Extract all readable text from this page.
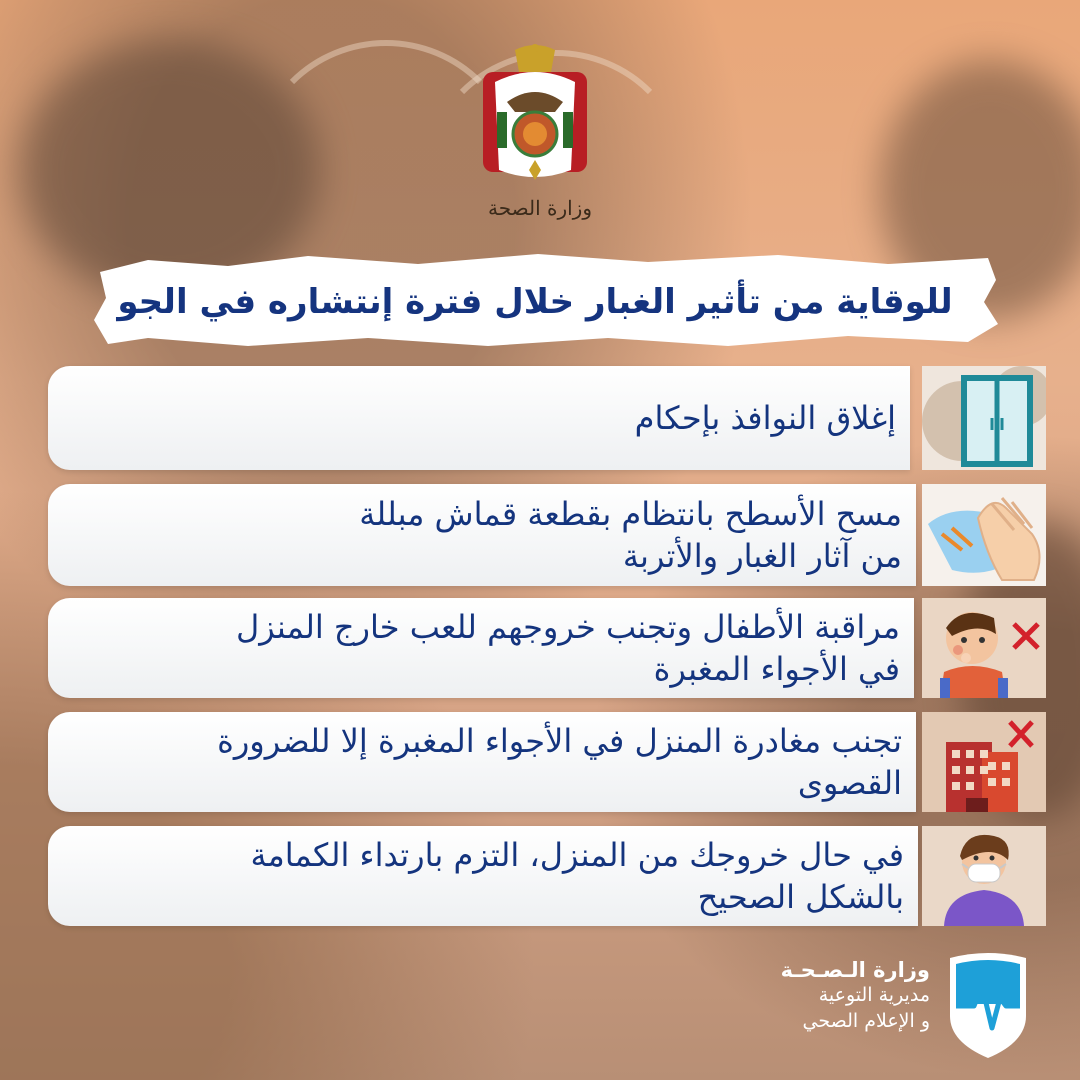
وزارة الصحة
للوقاية من تأثير الغبار خلال فترة إنتشاره في الجو
إغلاق النوافذ بإحكام
مسح الأسطح بانتظام بقطعة قماش مبللة
من آثار الغبار والأتربة
مراقبة الأطفال وتجنب خروجهم للعب خارج المنزل
في الأجواء المغبرة
تجنب مغادرة المنزل في الأجواء المغبرة إلا للضرورة
القصوى
في حال خروجك من المنزل، التزم بارتداء الكمامة
بالشكل الصحيح
وزارة الـصـحـة
مديرية التوعية
و الإعلام الصحي
